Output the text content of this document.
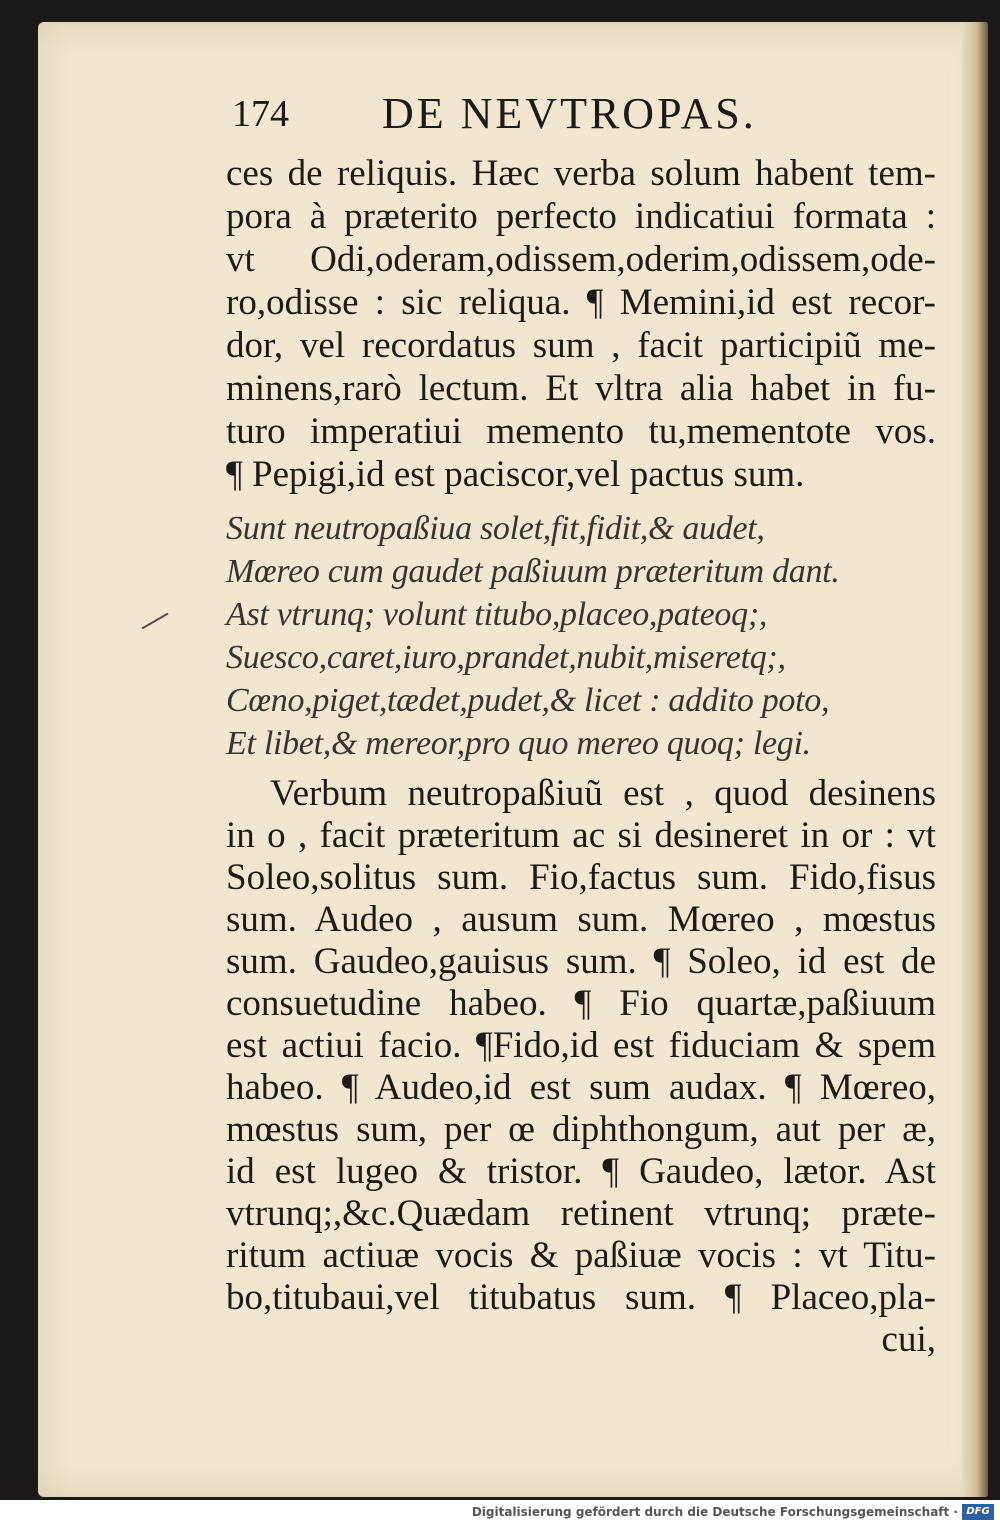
174 DE NEVTROPAS.
ces de reliquis. Hæc verba solum habent tem-
pora à præterito perfecto indicatiui formata :
vt Odi,oderam,odissem,oderim,odissem,ode-
ro,odisse : sic reliqua. ¶ Memini,id est recor-
dor, vel recordatus sum , facit participiũ me-
minens,rarò lectum. Et vltra alia habet in fu-
turo imperatiui memento tu,mementote vos.
¶ Pepigi,id est paciscor,vel pactus sum.
Sunt neutropaßiua solet,fit,fidit,& audet,
Mœreo cum gaudet paßiuum præteritum dant.
Ast vtrunq; volunt titubo,placeo,pateoq;,
Suesco,caret,iuro,prandet,nubit,miseretq;,
Cœno,piget,tædet,pudet,& licet : addito poto,
Et libet,& mereor,pro quo mereo quoq; legi.
Verbum neutropaßiuũ est , quod desinens
in o , facit præteritum ac si desineret in or : vt
Soleo,solitus sum. Fio,factus sum. Fido,fisus
sum. Audeo , ausum sum. Mœreo , mœstus
sum. Gaudeo,gauisus sum. ¶ Soleo, id est de
consuetudine habeo. ¶ Fio quartæ,paßiuum
est actiui facio. ¶Fido,id est fiduciam & spem
habeo. ¶ Audeo,id est sum audax. ¶ Mœreo,
mœstus sum, per œ diphthongum, aut per æ,
id est lugeo & tristor. ¶ Gaudeo, lætor. Ast
vtrunq;,&c.Quædam retinent vtrunq; præte-
ritum actiuæ vocis & paßiuæ vocis : vt Titu-
bo,titubaui,vel titubatus sum. ¶ Placeo,pla-
cui,
Digitalisierung gefördert durch die Deutsche Forschungsgemeinschaft · DFG
